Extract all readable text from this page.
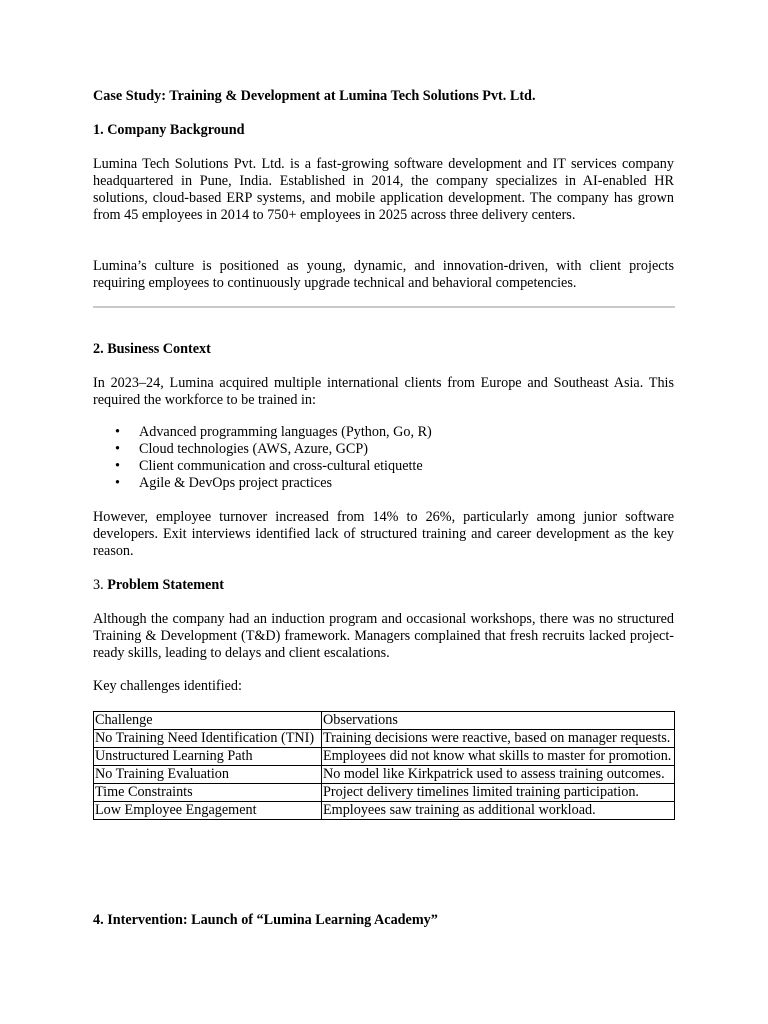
Case Study: Training & Development at Lumina Tech Solutions Pvt. Ltd.

1. Company Background

Lumina Tech Solutions Pvt. Ltd. is a fast-growing software development and IT services company headquartered in Pune, India. Established in 2014, the company specializes in AI-enabled HR solutions, cloud-based ERP systems, and mobile application development. The company has grown from 45 employees in 2014 to 750+ employees in 2025 across three delivery centers.

Lumina’s culture is positioned as young, dynamic, and innovation-driven, with client projects requiring employees to continuously upgrade technical and behavioral competencies.

2. Business Context

In 2023–24, Lumina acquired multiple international clients from Europe and Southeast Asia. This required the workforce to be trained in:

• Advanced programming languages (Python, Go, R)
• Cloud technologies (AWS, Azure, GCP)
• Client communication and cross-cultural etiquette
• Agile & DevOps project practices

However, employee turnover increased from 14% to 26%, particularly among junior software developers. Exit interviews identified lack of structured training and career development as the key reason.

3. Problem Statement

Although the company had an induction program and occasional workshops, there was no structured Training & Development (T&D) framework. Managers complained that fresh recruits lacked project-ready skills, leading to delays and client escalations.

Key challenges identified:

Challenge	Observations
No Training Need Identification (TNI)	Training decisions were reactive, based on manager requests.
Unstructured Learning Path	Employees did not know what skills to master for promotion.
No Training Evaluation	No model like Kirkpatrick used to assess training outcomes.
Time Constraints	Project delivery timelines limited training participation.
Low Employee Engagement	Employees saw training as additional workload.

4. Intervention: Launch of “Lumina Learning Academy”
